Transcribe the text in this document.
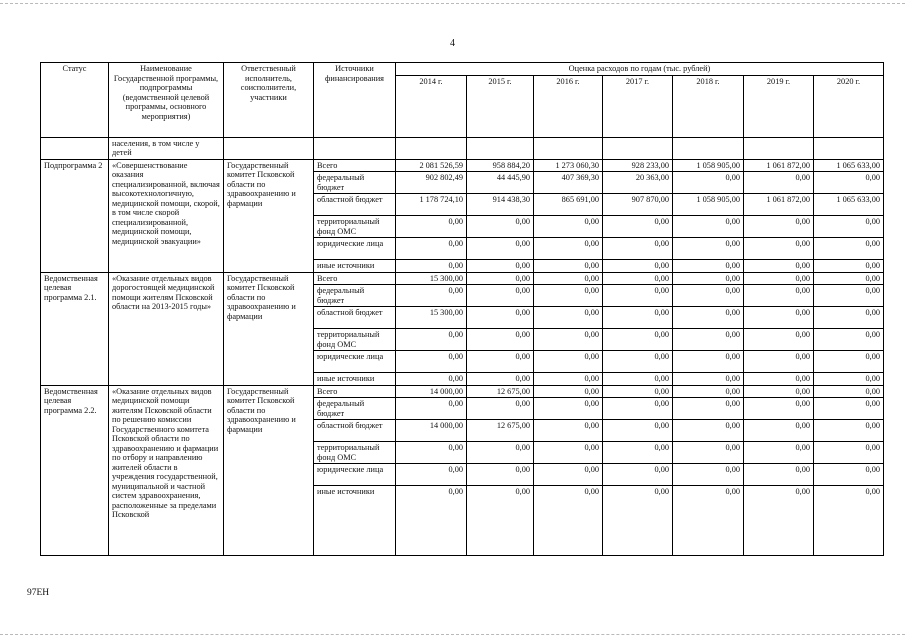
4
Статус	Наименование Государственной программы, подпрограммы (ведомственной целевой программы, основного мероприятия)	Ответственный исполнитель, соисполнители, участники	Источники финансирования	Оценка расходов по годам (тыс. рублей)						
				2014 г.	2015 г.	2016 г.	2017 г.	2018 г.	2019 г.	2020 г.
	населения, в том числе у детей									
Подпрограмма 2	«Совершенствование оказания специализированной, включая высокотехнологичную, медицинской помощи, скорой, в том числе скорой специализированной, медицинской помощи, медицинской эвакуации»	Государственный комитет Псковской области по здравоохранению и фармации	Всего	2 081 526,59	958 884,20	1 273 060,30	928 233,00	1 058 905,00	1 061 872,00	1 065 633,00
			федеральный бюджет	902 802,49	44 445,90	407 369,30	20 363,00	0,00	0,00	0,00
			областной бюджет	1 178 724,10	914 438,30	865 691,00	907 870,00	1 058 905,00	1 061 872,00	1 065 633,00
			территориальный фонд ОМС	0,00	0,00	0,00	0,00	0,00	0,00	0,00
			юридические лица	0,00	0,00	0,00	0,00	0,00	0,00	0,00
			иные источники	0,00	0,00	0,00	0,00	0,00	0,00	0,00
Ведомственная целевая программа 2.1.	«Оказание отдельных видов дорогостоящей медицинской помощи жителям Псковской области на 2013-2015 годы»	Государственный комитет Псковской области по здравоохранению и фармации	Всего	15 300,00	0,00	0,00	0,00	0,00	0,00	0,00
			федеральный бюджет	0,00	0,00	0,00	0,00	0,00	0,00	0,00
			областной бюджет	15 300,00	0,00	0,00	0,00	0,00	0,00	0,00
			территориальный фонд ОМС	0,00	0,00	0,00	0,00	0,00	0,00	0,00
			юридические лица	0,00	0,00	0,00	0,00	0,00	0,00	0,00
			иные источники	0,00	0,00	0,00	0,00	0,00	0,00	0,00
Ведомственная целевая программа 2.2.	«Оказание отдельных видов медицинской помощи жителям Псковской области по решению комиссии Государственного комитета Псковской области по здравоохранению и фармации по отбору и направлению жителей области в учреждения государственной, муниципальной и частной систем здравоохранения, расположенные за пределами Псковской	Государственный комитет Псковской области по здравоохранению и фармации	Всего	14 000,00	12 675,00	0,00	0,00	0,00	0,00	0,00
			федеральный бюджет	0,00	0,00	0,00	0,00	0,00	0,00	0,00
			областной бюджет	14 000,00	12 675,00	0,00	0,00	0,00	0,00	0,00
			территориальный фонд ОМС	0,00	0,00	0,00	0,00	0,00	0,00	0,00
			юридические лица	0,00	0,00	0,00	0,00	0,00	0,00	0,00
			иные источники	0,00	0,00	0,00	0,00	0,00	0,00	0,00
97ЕН
